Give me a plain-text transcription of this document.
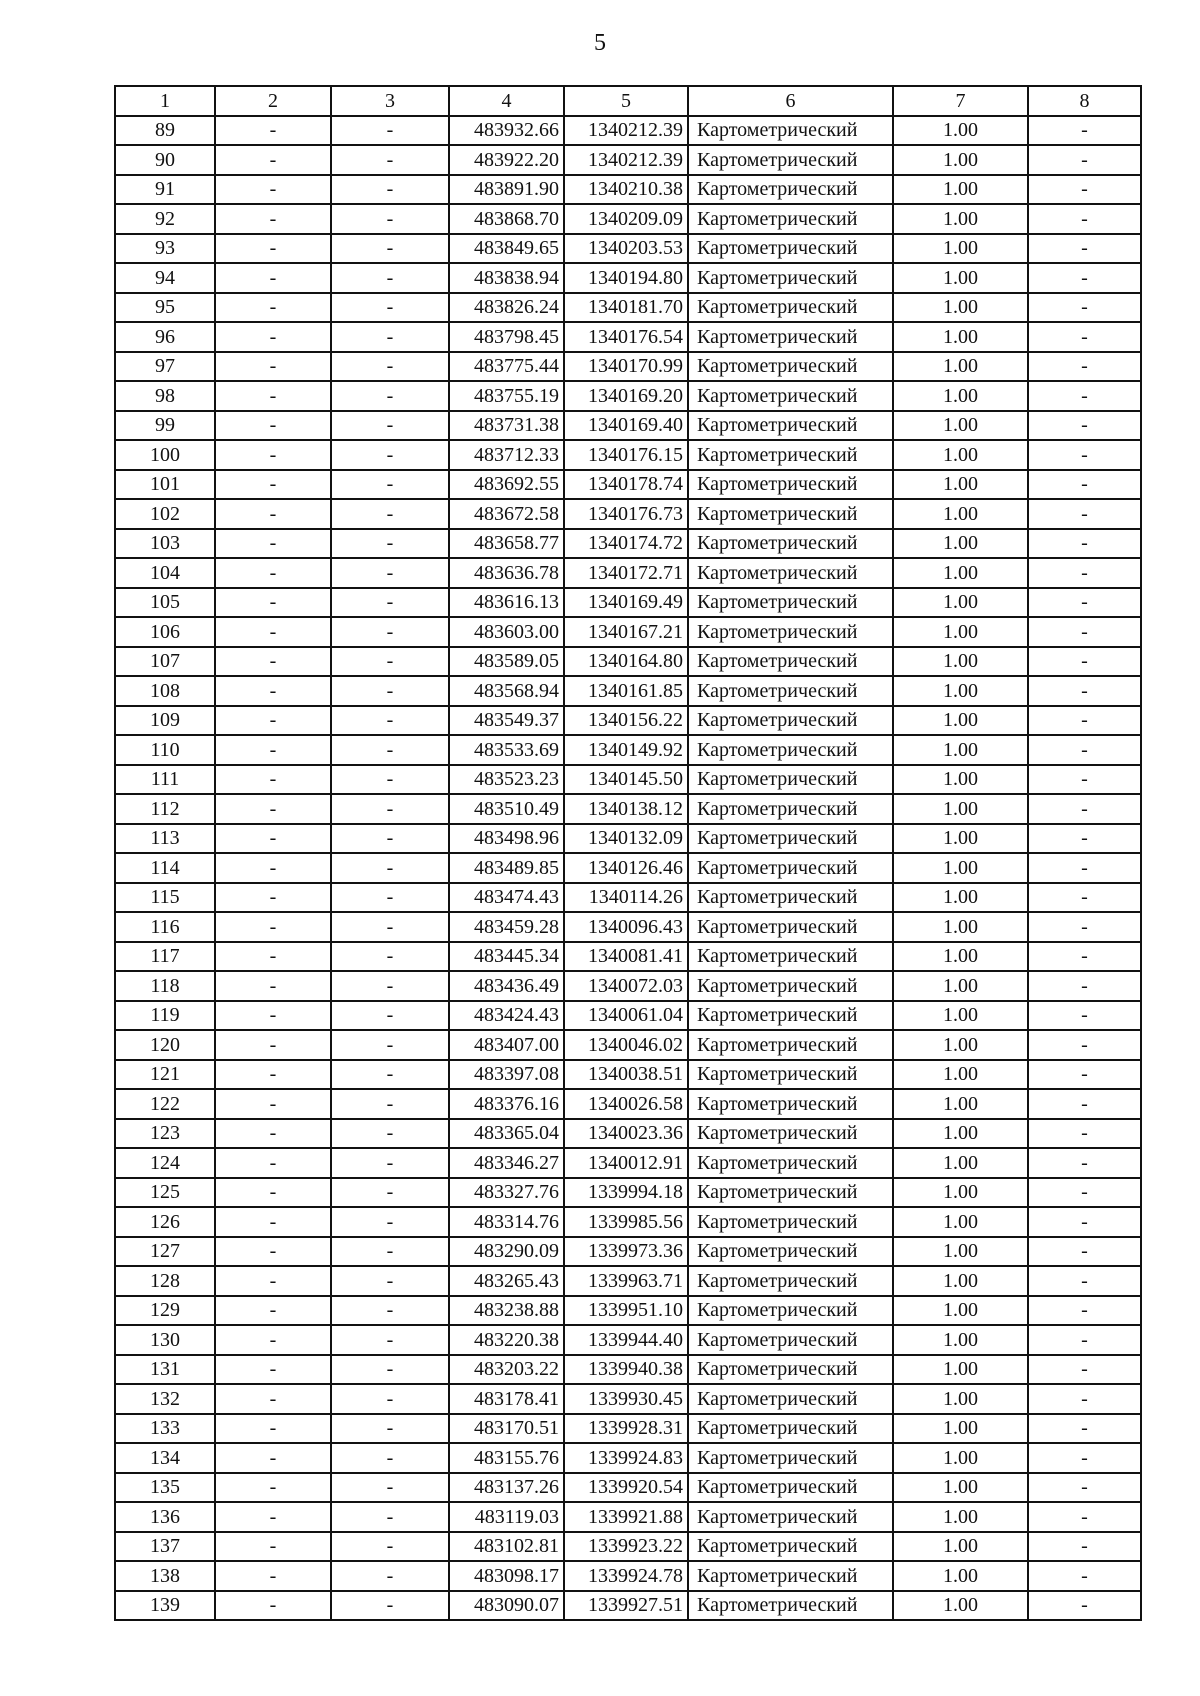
5
1	2	3	4	5	6	7	8
89	-	-	483932.66	1340212.39	Картометрический	1.00	-
90	-	-	483922.20	1340212.39	Картометрический	1.00	-
91	-	-	483891.90	1340210.38	Картометрический	1.00	-
92	-	-	483868.70	1340209.09	Картометрический	1.00	-
93	-	-	483849.65	1340203.53	Картометрический	1.00	-
94	-	-	483838.94	1340194.80	Картометрический	1.00	-
95	-	-	483826.24	1340181.70	Картометрический	1.00	-
96	-	-	483798.45	1340176.54	Картометрический	1.00	-
97	-	-	483775.44	1340170.99	Картометрический	1.00	-
98	-	-	483755.19	1340169.20	Картометрический	1.00	-
99	-	-	483731.38	1340169.40	Картометрический	1.00	-
100	-	-	483712.33	1340176.15	Картометрический	1.00	-
101	-	-	483692.55	1340178.74	Картометрический	1.00	-
102	-	-	483672.58	1340176.73	Картометрический	1.00	-
103	-	-	483658.77	1340174.72	Картометрический	1.00	-
104	-	-	483636.78	1340172.71	Картометрический	1.00	-
105	-	-	483616.13	1340169.49	Картометрический	1.00	-
106	-	-	483603.00	1340167.21	Картометрический	1.00	-
107	-	-	483589.05	1340164.80	Картометрический	1.00	-
108	-	-	483568.94	1340161.85	Картометрический	1.00	-
109	-	-	483549.37	1340156.22	Картометрический	1.00	-
110	-	-	483533.69	1340149.92	Картометрический	1.00	-
111	-	-	483523.23	1340145.50	Картометрический	1.00	-
112	-	-	483510.49	1340138.12	Картометрический	1.00	-
113	-	-	483498.96	1340132.09	Картометрический	1.00	-
114	-	-	483489.85	1340126.46	Картометрический	1.00	-
115	-	-	483474.43	1340114.26	Картометрический	1.00	-
116	-	-	483459.28	1340096.43	Картометрический	1.00	-
117	-	-	483445.34	1340081.41	Картометрический	1.00	-
118	-	-	483436.49	1340072.03	Картометрический	1.00	-
119	-	-	483424.43	1340061.04	Картометрический	1.00	-
120	-	-	483407.00	1340046.02	Картометрический	1.00	-
121	-	-	483397.08	1340038.51	Картометрический	1.00	-
122	-	-	483376.16	1340026.58	Картометрический	1.00	-
123	-	-	483365.04	1340023.36	Картометрический	1.00	-
124	-	-	483346.27	1340012.91	Картометрический	1.00	-
125	-	-	483327.76	1339994.18	Картометрический	1.00	-
126	-	-	483314.76	1339985.56	Картометрический	1.00	-
127	-	-	483290.09	1339973.36	Картометрический	1.00	-
128	-	-	483265.43	1339963.71	Картометрический	1.00	-
129	-	-	483238.88	1339951.10	Картометрический	1.00	-
130	-	-	483220.38	1339944.40	Картометрический	1.00	-
131	-	-	483203.22	1339940.38	Картометрический	1.00	-
132	-	-	483178.41	1339930.45	Картометрический	1.00	-
133	-	-	483170.51	1339928.31	Картометрический	1.00	-
134	-	-	483155.76	1339924.83	Картометрический	1.00	-
135	-	-	483137.26	1339920.54	Картометрический	1.00	-
136	-	-	483119.03	1339921.88	Картометрический	1.00	-
137	-	-	483102.81	1339923.22	Картометрический	1.00	-
138	-	-	483098.17	1339924.78	Картометрический	1.00	-
139	-	-	483090.07	1339927.51	Картометрический	1.00	-
